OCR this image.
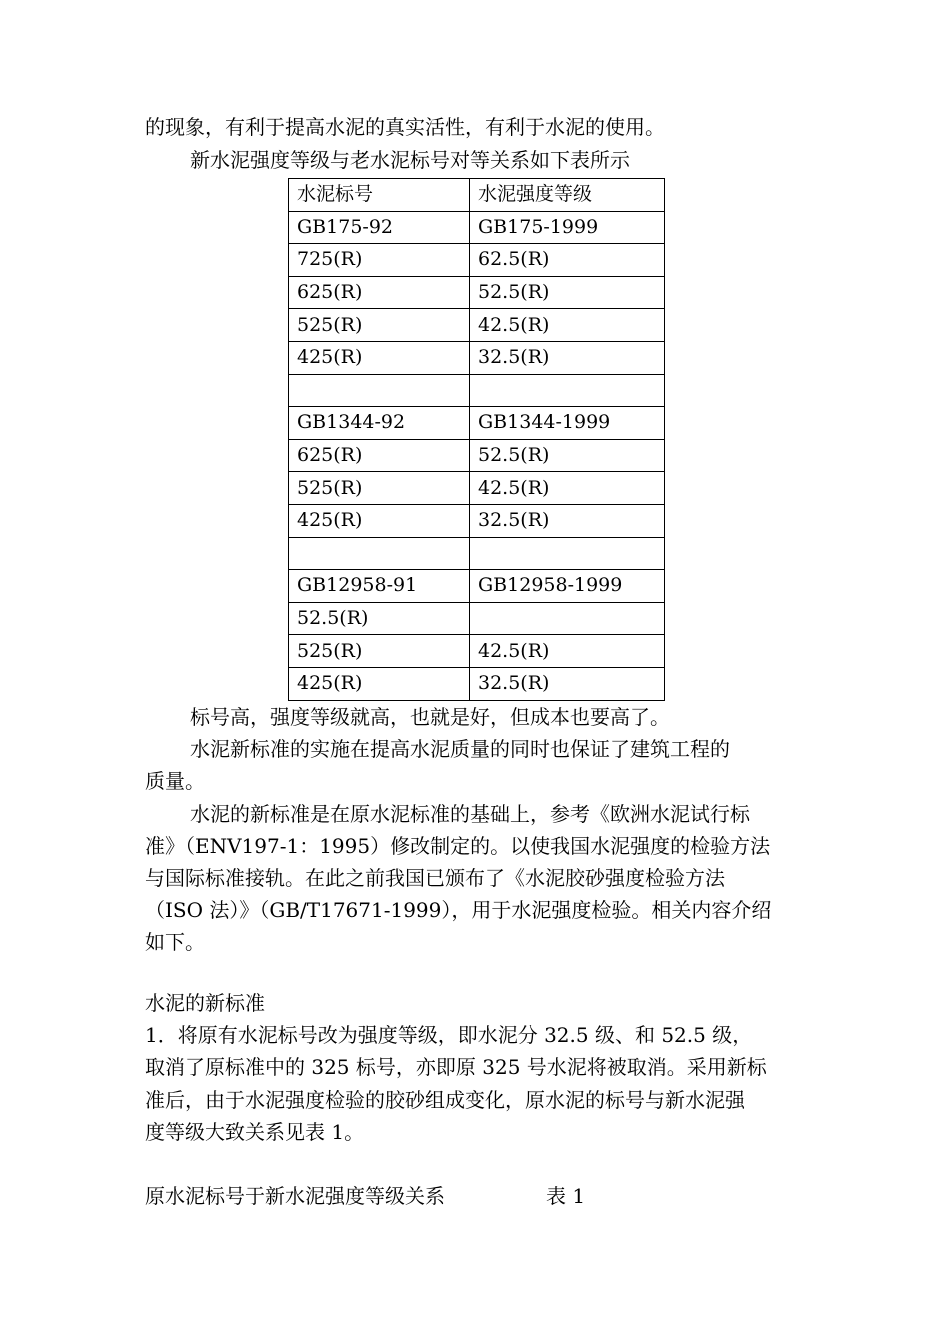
的现象，有利于提高水泥的真实活性，有利于水泥的使用。
新水泥强度等级与老水泥标号对等关系如下表所示
水泥标号	水泥强度等级
GB175-92	GB175-1999
725(R)	62.5(R)
625(R)	52.5(R)
525(R)	42.5(R)
425(R)	32.5(R)

GB1344-92	GB1344-1999
625(R)	52.5(R)
525(R)	42.5(R)
425(R)	32.5(R)

GB12958-91	GB12958-1999
52.5(R)	
525(R)	42.5(R)
425(R)	32.5(R)
标号高，强度等级就高，也就是好，但成本也要高了。
水泥新标准的实施在提高水泥质量的同时也保证了建筑工程的
质量。
水泥的新标准是在原水泥标准的基础上，参考《欧洲水泥试行标
准》（ENV197-1：1995）修改制定的。以使我国水泥强度的检验方法
与国际标准接轨。在此之前我国已颁布了《水泥胶砂强度检验方法
（ISO 法）》（GB/T17671-1999），用于水泥强度检验。相关内容介绍
如下。
水泥的新标准
1．将原有水泥标号改为强度等级，即水泥分 32.5 级、和 52.5 级，
取消了原标准中的 325 标号，亦即原 325 号水泥将被取消。采用新标
准后，由于水泥强度检验的胶砂组成变化，原水泥的标号与新水泥强
度等级大致关系见表 1。
原水泥标号于新水泥强度等级关系	表 1
